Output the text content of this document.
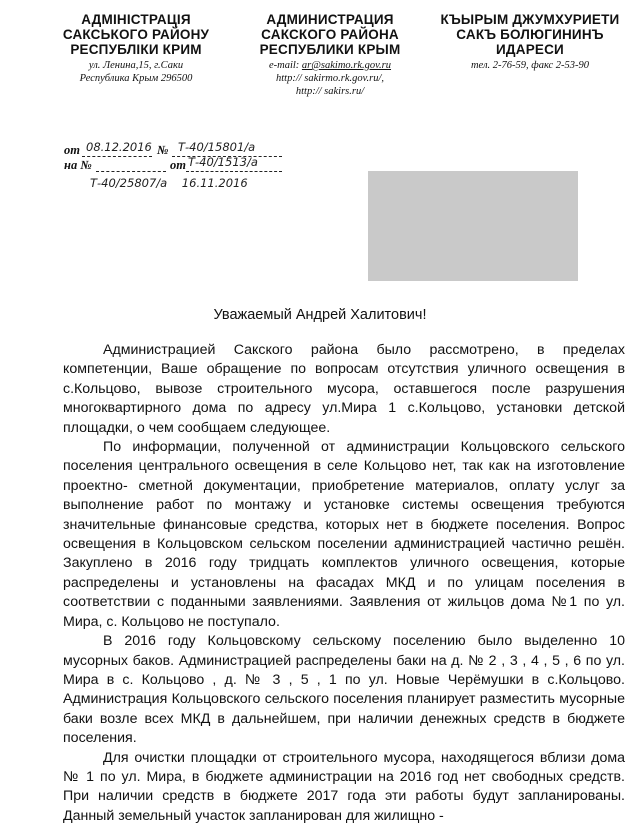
АДМІНІСТРАЦІЯ
САКСЬКОГО РАЙОНУ
РЕСПУБЛІКИ КРИМ
ул. Ленина,15, г.Саки
Республика Крым 296500
АДМИНИСТРАЦИЯ
САКСКОГО РАЙОНА
РЕСПУБЛИКИ КРЫМ
e-mail: ar@sakimo.rk.gov.ru
http:// sakirmo.rk.gov.ru/,
http:// sakirs.ru/
КЪЫРЫМ ДЖУМХУРИЕТИ
САКЪ БОЛЮГИНИНЪ
ИДАРЕСИ
тел. 2-76-59, факс 2-53-90
от 08.12.2016 № Т-40/15801/а
на №	от Т-40/1513/а
Т-40/25807/а    16.11.2016
Уважаемый Андрей Халитович!

Администрацией Сакского района было рассмотрено, в пределах компетенции, Ваше обращение по вопросам отсутствия уличного освещения в с.Кольцово, вывозе строительного мусора, оставшегося после разрушения многоквартирного дома по адресу ул.Мира 1 с.Кольцово, установки детской площадки, о чем сообщаем следующее.

По информации, полученной от администрации Кольцовского сельского поселения центрального освещения в селе Кольцово нет, так как на изготовление проектно- сметной документации, приобретение материалов, оплату услуг за выполнение работ по монтажу и установке системы освещения требуются значительные финансовые средства, которых нет в бюджете поселения. Вопрос освещения в Кольцовском сельском поселении администрацией частично решён. Закуплено в 2016 году тридцать комплектов уличного освещения, которые распределены и установлены на фасадах МКД и по улицам поселения в соответствии с поданными заявлениями. Заявления от жильцов дома №1 по ул. Мира, с. Кольцово не поступало.

В 2016 году Кольцовскому сельскому поселению было выделенно 10 мусорных баков. Администрацией распределены баки на д. № 2 , 3 , 4 , 5 , 6 по ул. Мира в с. Кольцово , д. № 3 , 5 , 1 по ул. Новые Черёмушки в с.Кольцово. Администрация Кольцовского сельского поселения планирует разместить мусорные баки возле всех МКД в дальнейшем, при наличии денежных средств в бюджете поселения.

Для очистки площадки от строительного мусора, находящегося вблизи дома № 1 по ул. Мира, в бюджете администрации на 2016 год нет свободных средств. При наличии средств в бюджете 2017 года эти работы будут запланированы. Данный земельный участок запланирован для жилищно -
